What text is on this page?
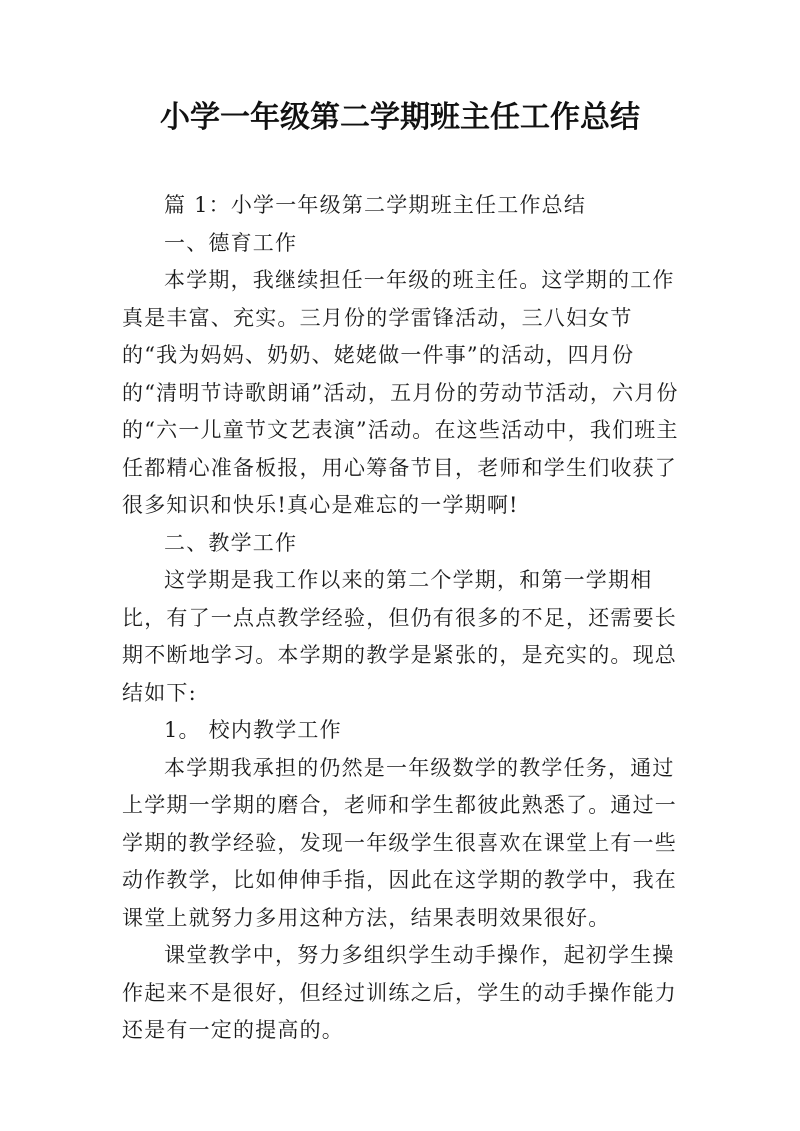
小学一年级第二学期班主任工作总结

篇 1：小学一年级第二学期班主任工作总结

一、德育工作

本学期，我继续担任一年级的班主任。这学期的工作真是丰富、充实。三月份的学雷锋活动，三八妇女节的“我为妈妈、奶奶、姥姥做一件事”的活动，四月份的“清明节诗歌朗诵”活动，五月份的劳动节活动，六月份的“六一儿童节文艺表演”活动。在这些活动中，我们班主任都精心准备板报，用心筹备节目，老师和学生们收获了很多知识和快乐!真心是难忘的一学期啊!

二、教学工作

这学期是我工作以来的第二个学期，和第一学期相比，有了一点点教学经验，但仍有很多的不足，还需要长期不断地学习。本学期的教学是紧张的，是充实的。现总结如下:

1。 校内教学工作

本学期我承担的仍然是一年级数学的教学任务，通过上学期一学期的磨合，老师和学生都彼此熟悉了。通过一学期的教学经验，发现一年级学生很喜欢在课堂上有一些动作教学，比如伸伸手指，因此在这学期的教学中，我在课堂上就努力多用这种方法，结果表明效果很好。

课堂教学中，努力多组织学生动手操作，起初学生操作起来不是很好，但经过训练之后，学生的动手操作能力还是有一定的提高的。
